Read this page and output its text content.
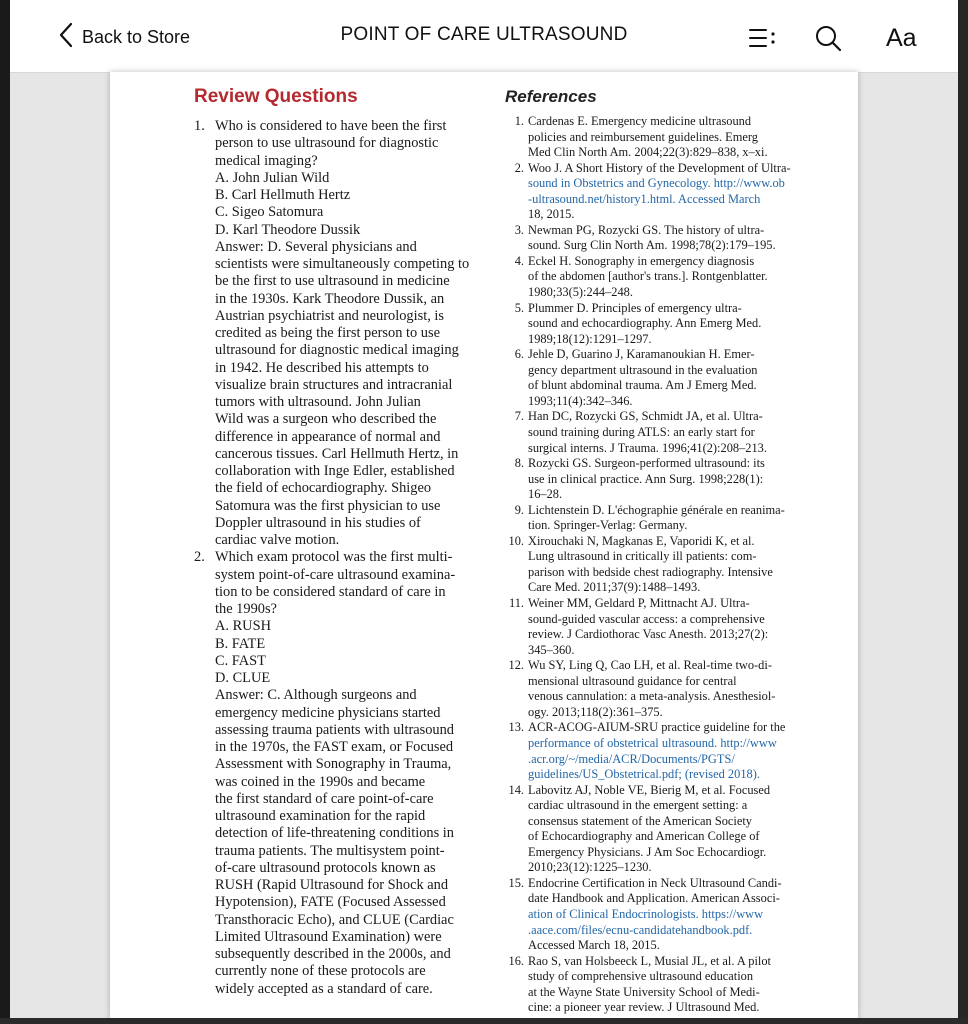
Back to Store	POINT OF CARE ULTRASOUND	Aa
Review Questions	References
1. Who is considered to have been the first
person to use ultrasound for diagnostic
medical imaging?
A. John Julian Wild
B. Carl Hellmuth Hertz
C. Sigeo Satomura
D. Karl Theodore Dussik
Answer: D. Several physicians and
scientists were simultaneously competing to
be the first to use ultrasound in medicine
in the 1930s. Kark Theodore Dussik, an
Austrian psychiatrist and neurologist, is
credited as being the first person to use
ultrasound for diagnostic medical imaging
in 1942. He described his attempts to
visualize brain structures and intracranial
tumors with ultrasound. John Julian
Wild was a surgeon who described the
difference in appearance of normal and
cancerous tissues. Carl Hellmuth Hertz, in
collaboration with Inge Edler, established
the field of echocardiography. Shigeo
Satomura was the first physician to use
Doppler ultrasound in his studies of
cardiac valve motion.
2. Which exam protocol was the first multi-
system point-of-care ultrasound examina-
tion to be considered standard of care in
the 1990s?
A. RUSH
B. FATE
C. FAST
D. CLUE
Answer: C. Although surgeons and
emergency medicine physicians started
assessing trauma patients with ultrasound
in the 1970s, the FAST exam, or Focused
Assessment with Sonography in Trauma,
was coined in the 1990s and became
the first standard of care point-of-care
ultrasound examination for the rapid
detection of life-threatening conditions in
trauma patients. The multisystem point-
of-care ultrasound protocols known as
RUSH (Rapid Ultrasound for Shock and
Hypotension), FATE (Focused Assessed
Transthoracic Echo), and CLUE (Cardiac
Limited Ultrasound Examination) were
subsequently described in the 2000s, and
currently none of these protocols are
widely accepted as a standard of care.
1. Cardenas E. Emergency medicine ultrasound
policies and reimbursement guidelines. Emerg
Med Clin North Am. 2004;22(3):829–838, x–xi.
2. Woo J. A Short History of the Development of Ultra-
sound in Obstetrics and Gynecology. http://www.ob
-ultrasound.net/history1.html. Accessed March
18, 2015.
3. Newman PG, Rozycki GS. The history of ultra-
sound. Surg Clin North Am. 1998;78(2):179–195.
4. Eckel H. Sonography in emergency diagnosis
of the abdomen [author's trans.]. Rontgenblatter.
1980;33(5):244–248.
5. Plummer D. Principles of emergency ultra-
sound and echocardiography. Ann Emerg Med.
1989;18(12):1291–1297.
6. Jehle D, Guarino J, Karamanoukian H. Emer-
gency department ultrasound in the evaluation
of blunt abdominal trauma. Am J Emerg Med.
1993;11(4):342–346.
7. Han DC, Rozycki GS, Schmidt JA, et al. Ultra-
sound training during ATLS: an early start for
surgical interns. J Trauma. 1996;41(2):208–213.
8. Rozycki GS. Surgeon-performed ultrasound: its
use in clinical practice. Ann Surg. 1998;228(1):
16–28.
9. Lichtenstein D. L'échographie générale en reanima-
tion. Springer-Verlag: Germany.
10. Xirouchaki N, Magkanas E, Vaporidi K, et al.
Lung ultrasound in critically ill patients: com-
parison with bedside chest radiography. Intensive
Care Med. 2011;37(9):1488–1493.
11. Weiner MM, Geldard P, Mittnacht AJ. Ultra-
sound-guided vascular access: a comprehensive
review. J Cardiothorac Vasc Anesth. 2013;27(2):
345–360.
12. Wu SY, Ling Q, Cao LH, et al. Real-time two-di-
mensional ultrasound guidance for central
venous cannulation: a meta-analysis. Anesthesiol-
ogy. 2013;118(2):361–375.
13. ACR-ACOG-AIUM-SRU practice guideline for the
performance of obstetrical ultrasound. http://www
.acr.org/~/media/ACR/Documents/PGTS/
guidelines/US_Obstetrical.pdf; (revised 2018).
14. Labovitz AJ, Noble VE, Bierig M, et al. Focused
cardiac ultrasound in the emergent setting: a
consensus statement of the American Society
of Echocardiography and American College of
Emergency Physicians. J Am Soc Echocardiogr.
2010;23(12):1225–1230.
15. Endocrine Certification in Neck Ultrasound Candi-
date Handbook and Application. American Associ-
ation of Clinical Endocrinologists. https://www
.aace.com/files/ecnu-candidatehandbook.pdf.
Accessed March 18, 2015.
16. Rao S, van Holsbeeck L, Musial JL, et al. A pilot
study of comprehensive ultrasound education
at the Wayne State University School of Medi-
cine: a pioneer year review. J Ultrasound Med.
